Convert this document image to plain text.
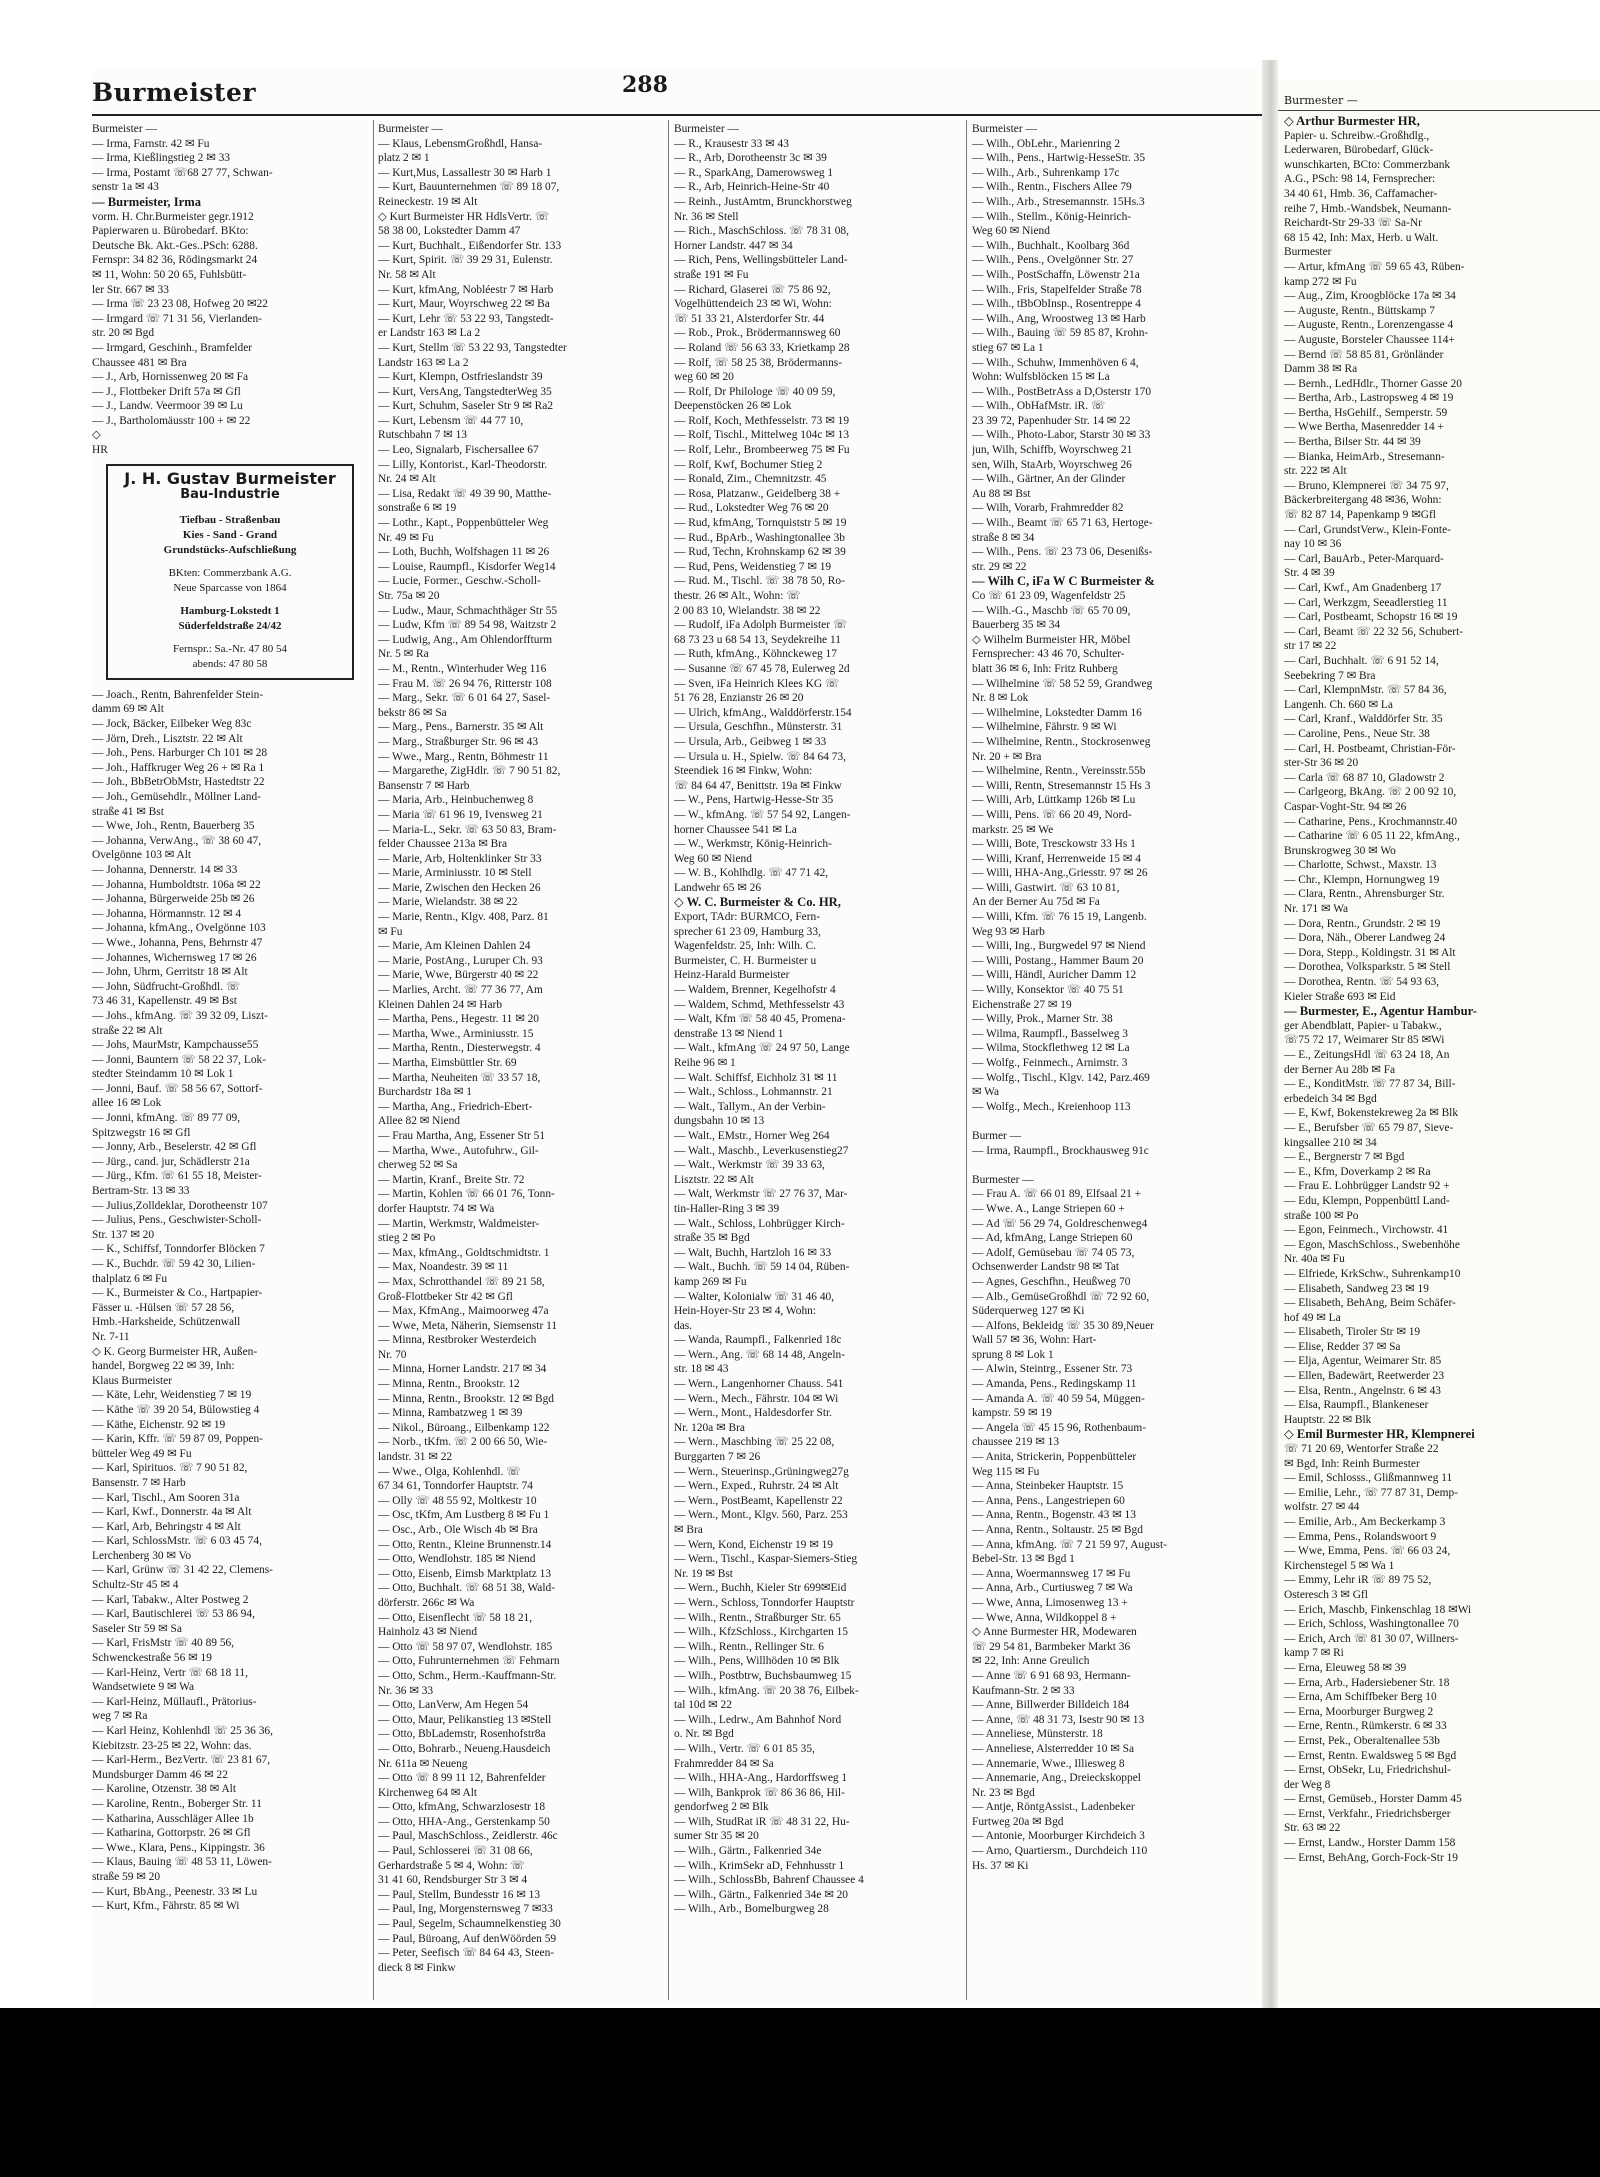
Burmeister	288
Burmeister —
— Irma, Farnstr. 42 ✉ Fu
— Irma, Kießlingstieg 2 ✉ 33
— Irma, Postamt ☏68 27 77, Schwan-
senstr 1a ✉ 43
— Burmeister, Irma
vorm. H. Chr.Burmeister gegr.1912
Papierwaren u. Bürobedarf. BKto:
Deutsche Bk. Akt.-Ges..PSch: 6288.
Fernspr: 34 82 36, Rödingsmarkt 24
✉ 11, Wohn: 50 20 65, Fuhlsbütt-
ler Str. 667 ✉ 33
— Irma ☏ 23 23 08, Hofweg 20 ✉22
— Irmgard ☏ 71 31 56, Vierlanden-
str. 20 ✉ Bgd
— Irmgard, Geschinh., Bramfelder
Chaussee 481 ✉ Bra
— J., Arb, Hornissenweg 20 ✉ Fa
— J., Flottbeker Drift 57a ✉ Gfl
— J., Landw. Veermoor 39 ✉ Lu
— J., Bartholomäusstr 100 + ✉ 22
◇
HR
J. H. Gustav Burmeister
Bau-Industrie
Tiefbau - Straßenbau
Kies - Sand - Grand
Grundstücks-Aufschließung
BKten: Commerzbank A.G.
Neue Sparcasse von 1864
Hamburg-Lokstedt 1
Süderfeldstraße 24/42
Fernspr.: Sa.-Nr. 47 80 54
abends: 47 80 58
— Joach., Rentn, Bahrenfelder Stein-
damm 69 ✉ Alt
— Jock, Bäcker, Eilbeker Weg 83c
— Jörn, Dreh., Lisztstr. 22 ✉ Alt
— Joh., Pens. Harburger Ch 101 ✉ 28
— Joh., Haffkruger Weg 26 + ✉ Ra 1
— Joh., BbBetrObMstr, Hastedtstr 22
— Joh., Gemüsehdlr., Möllner Land-
straße 41 ✉ Bst
— Wwe, Joh., Rentn, Bauerberg 35
— Johanna, VerwAng., ☏ 38 60 47,
Ovelgönne 103 ✉ Alt
— Johanna, Dennerstr. 14 ✉ 33
— Johanna, Humboldtstr. 106a ✉ 22
— Johanna, Bürgerweide 25b ✉ 26
— Johanna, Hörmannstr. 12 ✉ 4
— Johanna, kfmAng., Ovelgönne 103
— Wwe., Johanna, Pens, Behrnstr 47
— Johannes, Wichernsweg 17 ✉ 26
— John, Uhrm, Gerritstr 18 ✉ Alt
— John, Südfrucht-Großhdl. ☏
73 46 31, Kapellenstr. 49 ✉ Bst
— Johs., kfmAng. ☏ 39 32 09, Liszt-
straße 22 ✉ Alt
— Johs, MaurMstr, Kampchausse55
— Jonni, Bauntern ☏ 58 22 37, Lok-
stedter Steindamm 10 ✉ Lok 1
— Jonni, Bauf. ☏ 58 56 67, Sottorf-
allee 16 ✉ Lok
— Jonni, kfmAng. ☏ 89 77 09,
Spitzwegstr 16 ✉ Gfl
— Jonny, Arb., Beselerstr. 42 ✉ Gfl
— Jürg., cand. jur, Schädlerstr 21a
— Jürg., Kfm. ☏ 61 55 18, Meister-
Bertram-Str. 13 ✉ 33
— Julius,Zolldeklar, Dorotheenstr 107
— Julius, Pens., Geschwister-Scholl-
Str. 137 ✉ 20
— K., Schiffsf, Tonndorfer Blöcken 7
— K., Buchdr. ☏ 59 42 30, Lilien-
thalplatz 6 ✉ Fu
— K., Burmeister & Co., Hartpapier-
Fässer u. -Hülsen ☏ 57 28 56,
Hmb.-Harksheide, Schützenwall
Nr. 7-11
◇ K. Georg Burmeister HR, Außen-
handel, Borgweg 22 ✉ 39, Inh:
Klaus Burmeister
— Käte, Lehr, Weidenstieg 7 ✉ 19
— Käthe ☏ 39 20 54, Bülowstieg 4
— Käthe, Eichenstr. 92 ✉ 19
— Karin, Kffr. ☏ 59 87 09, Poppen-
bütteler Weg 49 ✉ Fu
— Karl, Spirituos. ☏ 7 90 51 82,
Bansenstr. 7 ✉ Harb
— Karl, Tischl., Am Sooren 31a
— Karl, Kwf., Donnerstr. 4a ✉ Alt
— Karl, Arb, Behringstr 4 ✉ Alt
— Karl, SchlossMstr. ☏ 6 03 45 74,
Lerchenberg 30 ✉ Vo
— Karl, Grünw ☏ 31 42 22, Clemens-
Schultz-Str 45 ✉ 4
— Karl, Tabakw., Alter Postweg 2
— Karl, Bautischlerei ☏ 53 86 94,
Saseler Str 59 ✉ Sa
— Karl, FrisMstr ☏ 40 89 56,
Schwenckestraße 56 ✉ 19
— Karl-Heinz, Vertr ☏ 68 18 11,
Wandsetwiete 9 ✉ Wa
— Karl-Heinz, Müllaufl., Prätorius-
weg 7 ✉ Ra
— Karl Heinz, Kohlenhdl ☏ 25 36 36,
Kiebitzstr. 23-25 ✉ 22, Wohn: das.
— Karl-Herm., BezVertr. ☏ 23 81 67,
Mundsburger Damm 46 ✉ 22
— Karoline, Otzenstr. 38 ✉ Alt
— Karoline, Rentn., Boberger Str. 11
— Katharina, Ausschläger Allee 1b
— Katharina, Gottorpstr. 26 ✉ Gfl
— Wwe., Klara, Pens., Kippingstr. 36
— Klaus, Bauing ☏ 48 53 11, Löwen-
straße 59 ✉ 20
— Kurt, BbAng., Peenestr. 33 ✉ Lu
— Kurt, Kfm., Fährstr. 85 ✉ Wi
Burmeister —
— Klaus, LebensmGroßhdl, Hansa-
platz 2 ✉ 1
— Kurt,Mus, Lassallestr 30 ✉ Harb 1
— Kurt, Bauunternehmen ☏ 89 18 07,
Reineckestr. 19 ✉ Alt
◇ Kurt Burmeister HR HdlsVertr. ☏
58 38 00, Lokstedter Damm 47
— Kurt, Buchhalt., Eißendorfer Str. 133
— Kurt, Spirit. ☏ 39 29 31, Eulenstr.
Nr. 58 ✉ Alt
— Kurt, kfmAng, Nobléestr 7 ✉ Harb
— Kurt, Maur, Woyrschweg 22 ✉ Ba
— Kurt, Lehr ☏ 53 22 93, Tangstedt-
er Landstr 163 ✉ La 2
— Kurt, Stellm ☏ 53 22 93, Tangstedter
Landstr 163 ✉ La 2
— Kurt, Klempn, Ostfrieslandstr 39
— Kurt, VersAng, TangstedterWeg 35
— Kurt, Schuhm, Saseler Str 9 ✉ Ra2
— Kurt, Lebensm ☏ 44 77 10,
Rutschbahn 7 ✉ 13
— Leo, Signalarb, Fischersallee 67
— Lilly, Kontorist., Karl-Theodorstr.
Nr. 24 ✉ Alt
— Lisa, Redakt ☏ 49 39 90, Matthe-
sonstraße 6 ✉ 19
— Lothr., Kapt., Poppenbütteler Weg
Nr. 49 ✉ Fu
— Loth, Buchh, Wolfshagen 11 ✉ 26
— Louise, Raumpfl., Kisdorfer Weg14
— Lucie, Former., Geschw.-Scholl-
Str. 75a ✉ 20
— Ludw., Maur, Schmachthäger Str 55
— Ludw, Kfm ☏ 89 54 98, Waitzstr 2
— Ludwig, Ang., Am Ohlendorffturm
Nr. 5 ✉ Ra
— M., Rentn., Winterhuder Weg 116
— Frau M. ☏ 26 94 76, Ritterstr 108
— Marg., Sekr. ☏ 6 01 64 27, Sasel-
bekstr 86 ✉ Sa
— Marg., Pens., Barnerstr. 35 ✉ Alt
— Marg., Straßburger Str. 96 ✉ 43
— Wwe., Marg., Rentn, Böhmestr 11
— Margarethe, ZigHdlr. ☏ 7 90 51 82,
Bansenstr 7 ✉ Harb
— Maria, Arb., Heinbuchenweg 8
— Maria ☏ 61 96 19, Ivensweg 21
— Maria-L., Sekr. ☏ 63 50 83, Bram-
felder Chaussee 213a ✉ Bra
— Marie, Arb, Holtenklinker Str 33
— Marie, Arminiusstr. 10 ✉ Stell
— Marie, Zwischen den Hecken 26
— Marie, Wielandstr. 38 ✉ 22
— Marie, Rentn., Klgv. 408, Parz. 81
✉ Fu
— Marie, Am Kleinen Dahlen 24
— Marie, PostAng., Luruper Ch. 93
— Marie, Wwe, Bürgerstr 40 ✉ 22
— Marlies, Archt. ☏ 77 36 77, Am
Kleinen Dahlen 24 ✉ Harb
— Martha, Pens., Hegestr. 11 ✉ 20
— Martha, Wwe., Arminiusstr. 15
— Martha, Rentn., Diesterwegstr. 4
— Martha, Eimsbüttler Str. 69
— Martha, Neuheiten ☏ 33 57 18,
Burchardstr 18a ✉ 1
— Martha, Ang., Friedrich-Ebert-
Allee 82 ✉ Niend
— Frau Martha, Ang, Essener Str 51
— Martha, Wwe., Autofuhrw., Gil-
cherweg 52 ✉ Sa
— Martin, Kranf., Breite Str. 72
— Martin, Kohlen ☏ 66 01 76, Tonn-
dorfer Hauptstr. 74 ✉ Wa
— Martin, Werkmstr, Waldmeister-
stieg 2 ✉ Po
— Max, kfmAng., Goldtschmidtstr. 1
— Max, Noandestr. 39 ✉ 11
— Max, Schrotthandel ☏ 89 21 58,
Groß-Flottbeker Str 42 ✉ Gfl
— Max, KfmAng., Maimoorweg 47a
— Wwe, Meta, Näherin, Siemsenstr 11
— Minna, Restbroker Westerdeich
Nr. 70
— Minna, Horner Landstr. 217 ✉ 34
— Minna, Rentn., Brookstr. 12
— Minna, Rentn., Brookstr. 12 ✉ Bgd
— Minna, Rambatzweg 1 ✉ 39
— Nikol., Büroang., Eilbenkamp 122
— Norb., tKfm. ☏ 2 00 66 50, Wie-
landstr. 31 ✉ 22
— Wwe., Olga, Kohlenhdl. ☏
67 34 61, Tonndorfer Hauptstr. 74
— Olly ☏ 48 55 92, Moltkestr 10
— Osc, tKfm, Am Lustberg 8 ✉ Fu 1
— Osc., Arb., Ole Wisch 4b ✉ Bra
— Otto, Rentn., Kleine Brunnenstr.14
— Otto, Wendlohstr. 185 ✉ Niend
— Otto, Eisenb, Eimsb Marktplatz 13
— Otto, Buchhalt. ☏ 68 51 38, Wald-
dörferstr. 266c ✉ Wa
— Otto, Eisenflecht ☏ 58 18 21,
Hainholz 43 ✉ Niend
— Otto ☏ 58 97 07, Wendlohstr. 185
— Otto, Fuhrunternehmen ☏ Fehmarn
— Otto, Schm., Herm.-Kauffmann-Str.
Nr. 36 ✉ 33
— Otto, LanVerw, Am Hegen 54
— Otto, Maur, Pelikanstieg 13 ✉Stell
— Otto, BbLademstr, Rosenhofstr8a
— Otto, Bohrarb., Neueng.Hausdeich
Nr. 611a ✉ Neueng
— Otto ☏ 8 99 11 12, Bahrenfelder
Kirchenweg 64 ✉ Alt
— Otto, kfmAng, Schwarzlosestr 18
— Otto, HHA-Ang., Gerstenkamp 50
— Paul, MaschSchloss., Zeidlerstr. 46c
— Paul, Schlosserei ☏ 31 08 66,
Gerhardstraße 5 ✉ 4, Wohn: ☏
31 41 60, Rendsburger Str 3 ✉ 4
— Paul, Stellm, Bundesstr 16 ✉ 13
— Paul, Ing, Morgensternsweg 7 ✉33
— Paul, Segelm, Schaumnelkenstieg 30
— Paul, Büroang, Auf denWöörden 59
— Peter, Seefisch ☏ 84 64 43, Steen-
dieck 8 ✉ Finkw
Burmeister —
— R., Krausestr 33 ✉ 43
— R., Arb, Dorotheenstr 3c ✉ 39
— R., SparkAng, Damerowsweg 1
— R., Arb, Heinrich-Heine-Str 40
— Reinh., JustAmtm, Brunckhorstweg
Nr. 36 ✉ Stell
— Rich., MaschSchloss. ☏ 78 31 08,
Horner Landstr. 447 ✉ 34
— Rich, Pens, Wellingsbütteler Land-
straße 191 ✉ Fu
— Richard, Glaserei ☏ 75 86 92,
Vogelhüttendeich 23 ✉ Wi, Wohn:
☏ 51 33 21, Alsterdorfer Str. 44
— Rob., Prok., Brödermannsweg 60
— Roland ☏ 56 63 33, Krietkamp 28
— Rolf, ☏ 58 25 38, Brödermanns-
weg 60 ✉ 20
— Rolf, Dr Philologe ☏ 40 09 59,
Deepenstöcken 26 ✉ Lok
— Rolf, Koch, Methfesselstr. 73 ✉ 19
— Rolf, Tischl., Mittelweg 104c ✉ 13
— Rolf, Lehr., Brombeerweg 75 ✉ Fu
— Rolf, Kwf, Bochumer Stieg 2
— Ronald, Zim., Chemnitzstr. 45
— Rosa, Platzanw., Geidelberg 38 +
— Rud., Lokstedter Weg 76 ✉ 20
— Rud, kfmAng, Tornquiststr 5 ✉ 19
— Rud., BpArb., Washingtonallee 3b
— Rud, Techn, Krohnskamp 62 ✉ 39
— Rud, Pens, Weidenstieg 7 ✉ 19
— Rud. M., Tischl. ☏ 38 78 50, Ro-
thestr. 26 ✉ Alt., Wohn: ☏
2 00 83 10, Wielandstr. 38 ✉ 22
— Rudolf, iFa Adolph Burmeister ☏
68 73 23 u 68 54 13, Seydekreihe 11
— Ruth, kfmAng., Köhnckeweg 17
— Susanne ☏ 67 45 78, Eulerweg 2d
— Sven, iFa Heinrich Klees KG ☏
51 76 28, Enzianstr 26 ✉ 20
— Ulrich, kfmAng., Walddörferstr.154
— Ursula, Geschfhn., Münsterstr. 31
— Ursula, Arb., Geibweg 1 ✉ 33
— Ursula u. H., Spielw. ☏ 84 64 73,
Steendiek 16 ✉ Finkw, Wohn:
☏ 84 64 47, Benittstr. 19a ✉ Finkw
— W., Pens, Hartwig-Hesse-Str 35
— W., kfmAng. ☏ 57 54 92, Langen-
horner Chaussee 541 ✉ La
— W., Werkmstr, König-Heinrich-
Weg 60 ✉ Niend
— W. B., Kohlhdlg. ☏ 47 71 42,
Landwehr 65 ✉ 26
◇ W. C. Burmeister & Co. HR,
Export, TAdr: BURMCO, Fern-
sprecher 61 23 09, Hamburg 33,
Wagenfeldstr. 25, Inh: Wilh. C.
Burmeister, C. H. Burmeister u
Heinz-Harald Burmeister
— Waldem, Brenner, Kegelhofstr 4
— Waldem, Schmd, Methfesselstr 43
— Walt, Kfm ☏ 58 40 45, Promena-
denstraße 13 ✉ Niend 1
— Walt., kfmAng ☏ 24 97 50, Lange
Reihe 96 ✉ 1
— Walt. Schiffsf, Eichholz 31 ✉ 11
— Walt., Schloss., Lohmannstr. 21
— Walt., Tallym., An der Verbin-
dungsbahn 10 ✉ 13
— Walt., EMstr., Horner Weg 264
— Walt., Maschb., Leverkusenstieg27
— Walt., Werkmstr ☏ 39 33 63,
Lisztstr. 22 ✉ Alt
— Walt, Werkmstr ☏ 27 76 37, Mar-
tin-Haller-Ring 3 ✉ 39
— Walt., Schloss, Lohbrügger Kirch-
straße 35 ✉ Bgd
— Walt, Buchh, Hartzloh 16 ✉ 33
— Walt., Buchh. ☏ 59 14 04, Rüben-
kamp 269 ✉ Fu
— Walter, Kolonialw ☏ 31 46 40,
Hein-Hoyer-Str 23 ✉ 4, Wohn:
das.
— Wanda, Raumpfl., Falkenried 18c
— Wern., Ang. ☏ 68 14 48, Angeln-
str. 18 ✉ 43
— Wern., Langenhorner Chauss. 541
— Wern., Mech., Fährstr. 104 ✉ Wi
— Wern., Mont., Haldesdorfer Str.
Nr. 120a ✉ Bra
— Wern., Maschbing ☏ 25 22 08,
Burggarten 7 ✉ 26
— Wern., Steuerinsp.,Grüningweg27g
— Wern., Exped., Ruhrstr. 24 ✉ Alt
— Wern., PostBeamt, Kapellenstr 22
— Wern., Mont., Klgv. 560, Parz. 253
✉ Bra
— Wern, Kond, Eichenstr 19 ✉ 19
— Wern., Tischl., Kaspar-Siemers-Stieg
Nr. 19 ✉ Bst
— Wern., Buchh, Kieler Str 699✉Eid
— Wern., Schloss, Tonndorfer Hauptstr
— Wilh., Rentn., Straßburger Str. 65
— Wilh., KfzSchloss., Kirchgarten 15
— Wilh., Rentn., Rellinger Str. 6
— Wilh., Pens, Willhöden 10 ✉ Blk
— Wilh., Postbtrw, Buchsbaumweg 15
— Wilh., kfmAng. ☏ 20 38 76, Eilbek-
tal 10d ✉ 22
— Wilh., Ledrw., Am Bahnhof Nord
o. Nr. ✉ Bgd
— Wilh., Vertr. ☏ 6 01 85 35,
Frahmredder 84 ✉ Sa
— Wilh., HHA-Ang., Hardorffsweg 1
— Wilh, Bankprok ☏ 86 36 86, Hil-
gendorfweg 2 ✉ Blk
— Wilh, StudRat iR ☏ 48 31 22, Hu-
sumer Str 35 ✉ 20
— Wilh., Gärtn., Falkenried 34e
— Wilh., KrimSekr aD, Fehnhusstr 1
— Wilh., SchlossBb, Bahrenf Chaussee 4
— Wilh., Gärtn., Falkenried 34e ✉ 20
— Wilh., Arb., Bomelburgweg 28
Burmeister —
— Wilh., ObLehr., Marienring 2
— Wilh., Pens., Hartwig-HesseStr. 35
— Wilh., Arb., Suhrenkamp 17c
— Wilh., Rentn., Fischers Allee 79
— Wilh., Arb., Stresemannstr. 15Hs.3
— Wilh., Stellm., König-Heinrich-
Weg 60 ✉ Niend
— Wilh., Buchhalt., Koolbarg 36d
— Wilh., Pens., Ovelgönner Str. 27
— Wilh., PostSchaffn, Löwenstr 21a
— Wilh., Fris, Stapelfelder Straße 78
— Wilh., tBbObInsp., Rosentreppe 4
— Wilh., Ang, Wroostweg 13 ✉ Harb
— Wilh., Bauing ☏ 59 85 87, Krohn-
stieg 67 ✉ La 1
— Wilh., Schuhw, Immenhöven 6 4,
Wohn: Wulfsblöcken 15 ✉ La
— Wilh., PostBetrAss a D,Osterstr 170
— Wilh., ObHafMstr. iR. ☏
23 39 72, Papenhuder Str. 14 ✉ 22
— Wilh., Photo-Labor, Starstr 30 ✉ 33
jun, Wilh, Schiffb, Woyrschweg 21
sen, Wilh, StaArb, Woyrschweg 26
— Wilh., Gärtner, An der Glinder
Au 88 ✉ Bst
— Wilh, Vorarb, Frahmredder 82
— Wilh., Beamt ☏ 65 71 63, Hertoge-
straße 8 ✉ 34
— Wilh., Pens. ☏ 23 73 06, Desenißs-
str. 29 ✉ 22
— Wilh C, iFa W C Burmeister &
Co ☏ 61 23 09, Wagenfeldstr 25
— Wilh.-G., Maschb ☏ 65 70 09,
Bauerberg 35 ✉ 34
◇ Wilhelm Burmeister HR, Möbel
Fernsprecher: 43 46 70, Schulter-
blatt 36 ✉ 6, Inh: Fritz Ruhberg
— Wilhelmine ☏ 58 52 59, Grandweg
Nr. 8 ✉ Lok
— Wilhelmine, Lokstedter Damm 16
— Wilhelmine, Fährstr. 9 ✉ Wi
— Wilhelmine, Rentn., Stockrosenweg
Nr. 20 + ✉ Bra
— Wilhelmine, Rentn., Vereinsstr.55b
— Willi, Rentn, Stresemannstr 15 Hs 3
— Willi, Arb, Lüttkamp 126b ✉ Lu
— Willi, Pens. ☏ 66 20 49, Nord-
markstr. 25 ✉ We
— Willi, Bote, Tresckowstr 33 Hs 1
— Willi, Kranf, Herrenweide 15 ✉ 4
— Willi, HHA-Ang.,Griesstr. 97 ✉ 26
— Willi, Gastwirt. ☏ 63 10 81,
An der Berner Au 75d ✉ Fa
— Willi, Kfm. ☏ 76 15 19, Langenb.
Weg 93 ✉ Harb
— Willi, Ing., Burgwedel 97 ✉ Niend
— Willi, Postang., Hammer Baum 20
— Willi, Händl, Auricher Damm 12
— Willy, Konsektor ☏ 40 75 51
Eichenstraße 27 ✉ 19
— Willy, Prok., Marner Str. 38
— Wilma, Raumpfl., Basselweg 3
— Wilma, Stockflethweg 12 ✉ La
— Wolfg., Feinmech., Arnimstr. 3
— Wolfg., Tischl., Klgv. 142, Parz.469
✉ Wa
— Wolfg., Mech., Kreienhoop 113

Burmer —
— Irma, Raumpfl., Brockhausweg 91c

Burmester —
— Frau A. ☏ 66 01 89, Elfsaal 21 +
— Wwe. A., Lange Striepen 60 +
— Ad ☏ 56 29 74, Goldreschenweg4
— Ad, kfmAng, Lange Striepen 60
— Adolf, Gemüsebau ☏ 74 05 73,
Ochsenwerder Landstr 98 ✉ Tat
— Agnes, Geschfhn., Heußweg 70
— Alb., GemüseGroßhdl ☏ 72 92 60,
Süderquerweg 127 ✉ Ki
— Alfons, Bekleidg ☏ 35 30 89,Neuer
Wall 57 ✉ 36, Wohn: Hart-
sprung 8 ✉ Lok 1
— Alwin, Steintrg., Essener Str. 73
— Amanda, Pens., Redingskamp 11
— Amanda A. ☏ 40 59 54, Müggen-
kampstr. 59 ✉ 19
— Angela ☏ 45 15 96, Rothenbaum-
chaussee 219 ✉ 13
— Anita, Strickerin, Poppenbütteler
Weg 115 ✉ Fu
— Anna, Steinbeker Hauptstr. 15
— Anna, Pens., Langestriepen 60
— Anna, Rentn., Bogenstr. 43 ✉ 13
— Anna, Rentn., Soltaustr. 25 ✉ Bgd
— Anna, kfmAng. ☏ 7 21 59 97, August-
Bebel-Str. 13 ✉ Bgd 1
— Anna, Woermannsweg 17 ✉ Fu
— Anna, Arb., Curtiusweg 7 ✉ Wa
— Wwe, Anna, Limosenweg 13 +
— Wwe, Anna, Wildkoppel 8 +
◇ Anne Burmester HR, Modewaren
☏ 29 54 81, Barmbeker Markt 36
✉ 22, Inh: Anne Greulich
— Anne ☏ 6 91 68 93, Hermann-
Kaufmann-Str. 2 ✉ 33
— Anne, Billwerder Billdeich 184
— Anne, ☏ 48 31 73, Isestr 90 ✉ 13
— Anneliese, Münsterstr. 18
— Anneliese, Alsterredder 10 ✉ Sa
— Annemarie, Wwe., Illiesweg 8
— Annemarie, Ang., Dreieckskoppel
Nr. 23 ✉ Bgd
— Antje, RöntgAssist., Ladenbeker
Furtweg 20a ✉ Bgd
— Antonie, Moorburger Kirchdeich 3
— Arno, Quartiersm., Durchdeich 110
Hs. 37 ✉ Ki
Burmester —
◇ Arthur Burmester HR,
Papier- u. Schreibw.-Großhdlg.,
Lederwaren, Bürobedarf, Glück-
wunschkarten, BCto: Commerzbank
A.G., PSch: 98 14, Fernsprecher:
34 40 61, Hmb. 36, Caffamacher-
reihe 7, Hmb.-Wandsbek, Neumann-
Reichardt-Str 29-33 ☏ Sa-Nr
68 15 42, Inh: Max, Herb. u Walt.
Burmester
— Artur, kfmAng ☏ 59 65 43, Rüben-
kamp 272 ✉ Fu
— Aug., Zim, Kroogblöcke 17a ✉ 34
— Auguste, Rentn., Büttskamp 7
— Auguste, Rentn., Lorenzengasse 4
— Auguste, Borsteler Chaussee 114+
— Bernd ☏ 58 85 81, Grönländer
Damm 38 ✉ Ra
— Bernh., LedHdlr., Thorner Gasse 20
— Bertha, Arb., Lastropsweg 4 ✉ 19
— Bertha, HsGehilf., Semperstr. 59
— Wwe Bertha, Masenredder 14 +
— Bertha, Bilser Str. 44 ✉ 39
— Bianka, HeimArb., Stresemann-
str. 222 ✉ Alt
— Bruno, Klempnerei ☏ 34 75 97,
Bäckerbreitergang 48 ✉36, Wohn:
☏ 82 87 14, Papenkamp 9 ✉Gfl
— Carl, GrundstVerw., Klein-Fonte-
nay 10 ✉ 36
— Carl, BauArb., Peter-Marquard-
Str. 4 ✉ 39
— Carl, Kwf., Am Gnadenberg 17
— Carl, Werkzgm, Seeadlerstieg 11
— Carl, Postbeamt, Schopstr 16 ✉ 19
— Carl, Beamt ☏ 22 32 56, Schubert-
str 17 ✉ 22
— Carl, Buchhalt. ☏ 6 91 52 14,
Seebekring 7 ✉ Bra
— Carl, KlempnMstr. ☏ 57 84 36,
Langenh. Ch. 660 ✉ La
— Carl, Kranf., Walddörfer Str. 35
— Caroline, Pens., Neue Str. 38
— Carl, H. Postbeamt, Christian-För-
ster-Str 36 ✉ 20
— Carla ☏ 68 87 10, Gladowstr 2
— Carlgeorg, BkAng. ☏ 2 00 92 10,
Caspar-Voght-Str. 94 ✉ 26
— Catharine, Pens., Krochmannstr.40
— Catharine ☏ 6 05 11 22, kfmAng.,
Brunskrogweg 30 ✉ Wo
— Charlotte, Schwst., Maxstr. 13
— Chr., Klempn, Hornungweg 19
— Clara, Rentn., Ahrensburger Str.
Nr. 171 ✉ Wa
— Dora, Rentn., Grundstr. 2 ✉ 19
— Dora, Näh., Oberer Landweg 24
— Dora, Stepp., Koldingstr. 31 ✉ Alt
— Dorothea, Volksparkstr. 5 ✉ Stell
— Dorothea, Rentn. ☏ 54 93 63,
Kieler Straße 693 ✉ Eid
— Burmester, E., Agentur Hambur-
ger Abendblatt, Papier- u Tabakw.,
☏75 72 17, Weimarer Str 85 ✉Wi
— E., ZeitungsHdl ☏ 63 24 18, An
der Berner Au 28b ✉ Fa
— E., KonditMstr. ☏ 77 87 34, Bill-
erbedeich 34 ✉ Bgd
— E, Kwf, Bokenstekreweg 2a ✉ Blk
— E., Berufsber ☏ 65 79 87, Sieve-
kingsallee 210 ✉ 34
— E., Bergnerstr 7 ✉ Bgd
— E., Kfm, Doverkamp 2 ✉ Ra
— Frau E. Lohbrügger Landstr 92 +
— Edu, Klempn, Poppenbüttl Land-
straße 100 ✉ Po
— Egon, Feinmech., Virchowstr. 41
— Egon, MaschSchloss., Swebenhöhe
Nr. 40a ✉ Fu
— Elfriede, KrkSchw., Suhrenkamp10
— Elisabeth, Sandweg 23 ✉ 19
— Elisabeth, BehAng, Beim Schäfer-
hof 49 ✉ La
— Elisabeth, Tiroler Str ✉ 19
— Elise, Redder 37 ✉ Sa
— Elja, Agentur, Weimarer Str. 85
— Ellen, Badewärt, Reetwerder 23
— Elsa, Rentn., Angelnstr. 6 ✉ 43
— Elsa, Raumpfl., Blankeneser
Hauptstr. 22 ✉ Blk
◇ Emil Burmester HR, Klempnerei
☏ 71 20 69, Wentorfer Straße 22
✉ Bgd, Inh: Reinh Burmester
— Emil, Schlosss., Glißmannweg 11
— Emilie, Lehr., ☏ 77 87 31, Demp-
wolfstr. 27 ✉ 44
— Emilie, Arb., Am Beckerkamp 3
— Emma, Pens., Rolandswoort 9
— Wwe, Emma, Pens. ☏ 66 03 24,
Kirchenstegel 5 ✉ Wa 1
— Emmy, Lehr iR ☏ 89 75 52,
Osteresch 3 ✉ Gfl
— Erich, Maschb, Finkenschlag 18 ✉Wi
— Erich, Schloss, Washingtonallee 70
— Erich, Arch ☏ 81 30 07, Willners-
kamp 7 ✉ Ri
— Erna, Eleuweg 58 ✉ 39
— Erna, Arb., Hadersiebener Str. 18
— Erna, Am Schiffbeker Berg 10
— Erna, Moorburger Burgweg 2
— Erne, Rentn., Rümkerstr. 6 ✉ 33
— Ernst, Pek., Oberaltenallee 53b
— Ernst, Rentn. Ewaldsweg 5 ✉ Bgd
— Ernst, ObSekr, Lu, Friedrichshul-
der Weg 8
— Ernst, Gemüseb., Horster Damm 45
— Ernst, Verkfahr., Friedrichsberger
Str. 63 ✉ 22
— Ernst, Landw., Horster Damm 158
— Ernst, BehAng, Gorch-Fock-Str 19
